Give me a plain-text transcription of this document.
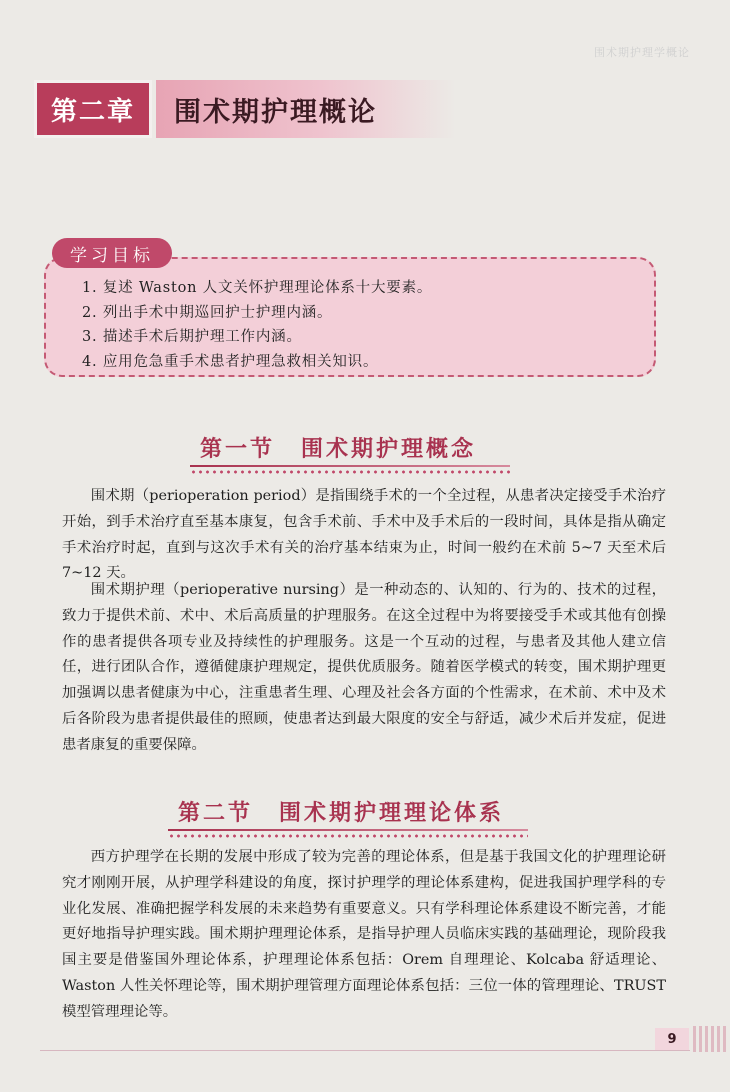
围术期护理学概论
第二章	围术期护理概论
学习目标
1. 复述 Waston 人文关怀护理理论体系十大要素。
2. 列出手术中期巡回护士护理内涵。
3. 描述手术后期护理工作内涵。
4. 应用危急重手术患者护理急救相关知识。
第一节 围术期护理概念

围术期（perioperation period）是指围绕手术的一个全过程，从患者决定接受手术治疗开始，到手术治疗直至基本康复，包含手术前、手术中及手术后的一段时间，具体是指从确定手术治疗时起，直到与这次手术有关的治疗基本结束为止，时间一般约在术前 5~7 天至术后 7~12 天。

围术期护理（perioperative nursing）是一种动态的、认知的、行为的、技术的过程，致力于提供术前、术中、术后高质量的护理服务。在这全过程中为将要接受手术或其他有创操作的患者提供各项专业及持续性的护理服务。这是一个互动的过程，与患者及其他人建立信任，进行团队合作，遵循健康护理规定，提供优质服务。随着医学模式的转变，围术期护理更加强调以患者健康为中心，注重患者生理、心理及社会各方面的个性需求，在术前、术中及术后各阶段为患者提供最佳的照顾，使患者达到最大限度的安全与舒适，减少术后并发症，促进患者康复的重要保障。

第二节 围术期护理理论体系

西方护理学在长期的发展中形成了较为完善的理论体系，但是基于我国文化的护理理论研究才刚刚开展，从护理学科建设的角度，探讨护理学的理论体系建构，促进我国护理学科的专业化发展、准确把握学科发展的未来趋势有重要意义。只有学科理论体系建设不断完善，才能更好地指导护理实践。围术期护理理论体系，是指导护理人员临床实践的基础理论，现阶段我国主要是借鉴国外理论体系，护理理论体系包括：Orem 自理理论、Kolcaba 舒适理论、Waston 人性关怀理论等，围术期护理管理方面理论体系包括：三位一体的管理理论、TRUST 模型管理理论等。

9
